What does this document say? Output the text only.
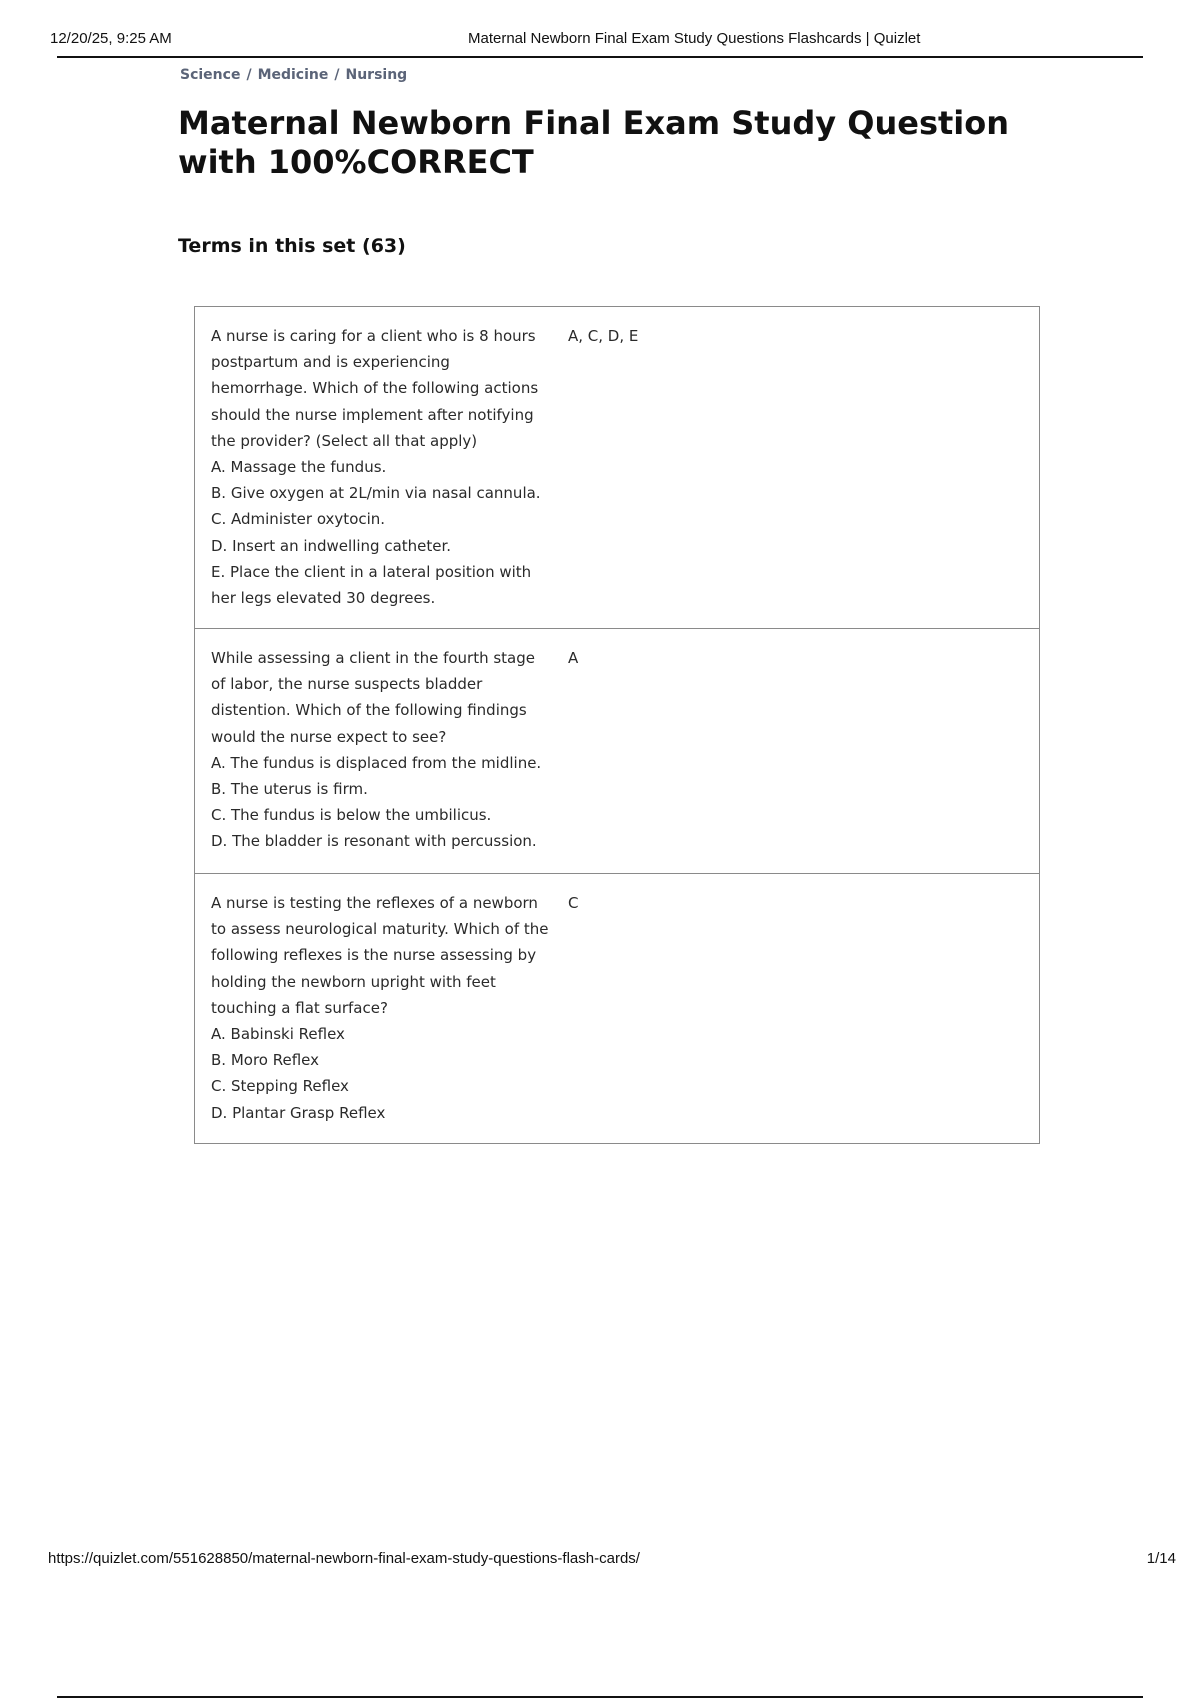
12/20/25, 9:25 AM	Maternal Newborn Final Exam Study Questions Flashcards | Quizlet
Science / Medicine / Nursing
Maternal Newborn Final Exam Study Question with 100%CORRECT
Terms in this set (63)
A nurse is caring for a client who is 8 hours
postpartum and is experiencing
hemorrhage. Which of the following actions
should the nurse implement after notifying
the provider? (Select all that apply)
A. Massage the fundus.
B. Give oxygen at 2L/min via nasal cannula.
C. Administer oxytocin.
D. Insert an indwelling catheter.
E. Place the client in a lateral position with
her legs elevated 30 degrees.
A, C, D, E
While assessing a client in the fourth stage
of labor, the nurse suspects bladder
distention. Which of the following findings
would the nurse expect to see?
A. The fundus is displaced from the midline.
B. The uterus is firm.
C. The fundus is below the umbilicus.
D. The bladder is resonant with percussion.
A
A nurse is testing the reflexes of a newborn
to assess neurological maturity. Which of the
following reflexes is the nurse assessing by
holding the newborn upright with feet
touching a flat surface?
A. Babinski Reflex
B. Moro Reflex
C. Stepping Reflex
D. Plantar Grasp Reflex
C
https://quizlet.com/551628850/maternal-newborn-final-exam-study-questions-flash-cards/	1/14
